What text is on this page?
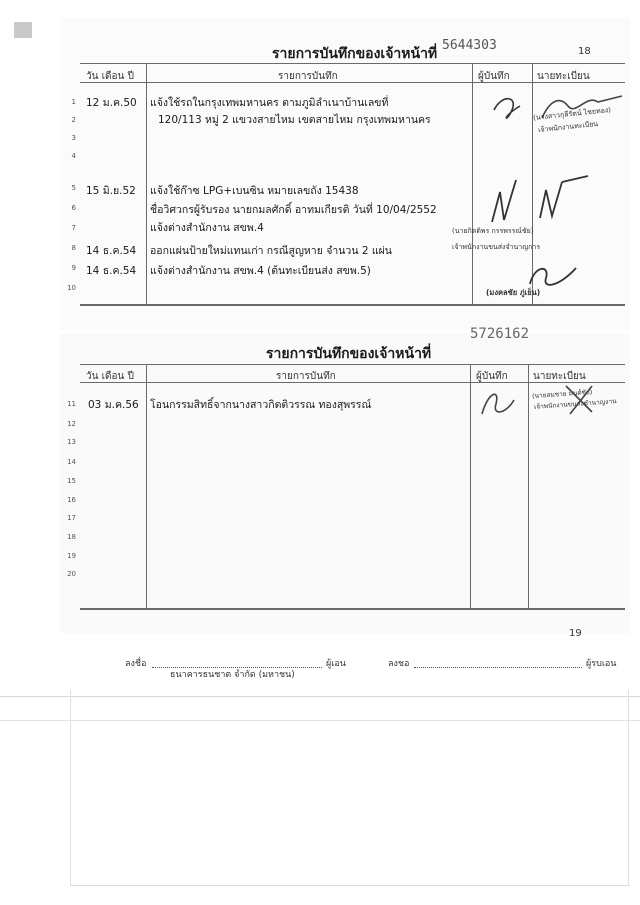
รายการบันทึกของเจ้าหน้าที่
5644303	18
วัน เดือน ปี	รายการบันทึก	ผู้บันทึก	นายทะเบียน
1
2
3
4
5
6
7
8
9
10
12 ม.ค.50 แจ้งใช้รถในกรุงเทพมหานคร ตามภูมิลำเนาบ้านเลขที่
120/113 หมู่ 2 แขวงสายไหม เขตสายไหม กรุงเทพมหานคร
15 มิ.ย.52 แจ้งใช้ก๊าซ LPG+เบนซิน หมายเลขถัง 15438
ชื่อวิศวกรผู้รับรอง นายกมลศักดิ์ อาทมเกียรติ วันที่ 10/04/2552
แจ้งต่างสำนักงาน สขพ.4
14 ธ.ค.54 ออกแผ่นป้ายใหม่แทนเก่า กรณีสูญหาย จำนวน 2 แผ่น
14 ธ.ค.54 แจ้งต่างสำนักงาน สขพ.4 (ต้นทะเบียนส่ง สขพ.5)
(นางสาวกุลีรัตน์ ไชยทอง)
เจ้าพนักงานทะเบียน
(นายกิตติพร กรรพรรณ์ชัย)
เจ้าพนักงานขนส่งจำนาญการ
(มงคลชัย ภู่เย็น)
5726162
รายการบันทึกของเจ้าหน้าที่
วัน เดือน ปี	รายการบันทึก	ผู้บันทึก	นายทะเบียน
11
12
13
14
15
16
17
18
19
20
03 ม.ค.56 โอนกรรมสิทธิ์จากนางสาวกิตติวรรณ ทองสุพรรณ์
(นายสมชาย มนต์ชัย)
เจ้าพนักงานขนส่งชำนาญงาน
19
ลงชื่อ	ผู้เอน	ลงชอ	ผู้รบเอน
ธนาคารธนชาต จำกัด (มหาชน)
